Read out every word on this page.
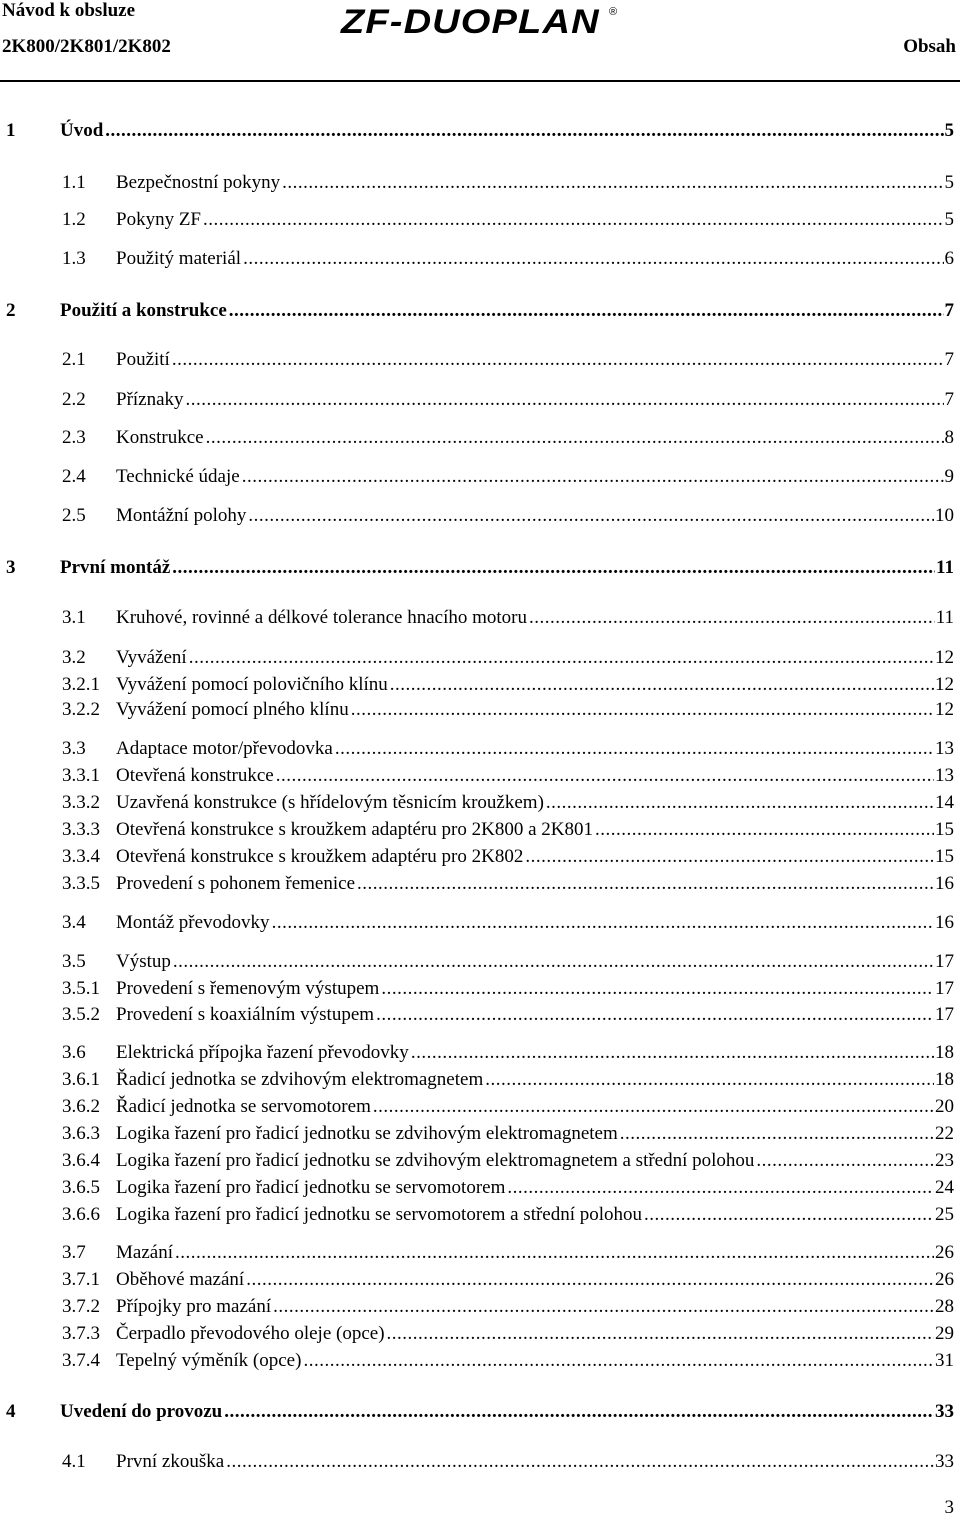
Návod k obsluze
2K800/2K801/2K802
ZF-DUOPLAN ®
Obsah
1 Úvod .....	5
1.1 Bezpečnostní pokyny .....	5
1.2 Pokyny ZF .....	5
1.3 Použitý materiál .....	6
2 Použití a konstrukce .....	7
2.1 Použití .....	7
2.2 Příznaky .....	7
2.3 Konstrukce .....	8
2.4 Technické údaje .....	9
2.5 Montážní polohy .....	10
3 První montáž .....	11
3.1 Kruhové, rovinné a délkové tolerance hnacího motoru .....	11
3.2 Vyvážení .....	12
3.2.1 Vyvážení pomocí polovičního klínu .....	12
3.2.2 Vyvážení pomocí plného klínu .....	12
3.3 Adaptace motor/převodovka .....	13
3.3.1 Otevřená konstrukce .....	13
3.3.2 Uzavřená konstrukce (s hřídelovým těsnicím kroužkem) .....	14
3.3.3 Otevřená konstrukce s kroužkem adaptéru pro 2K800 a 2K801 .....	15
3.3.4 Otevřená konstrukce s kroužkem adaptéru pro 2K802 .....	15
3.3.5 Provedení s pohonem řemenice .....	16
3.4 Montáž převodovky .....	16
3.5 Výstup .....	17
3.5.1 Provedení s řemenovým výstupem .....	17
3.5.2 Provedení s koaxiálním výstupem .....	17
3.6 Elektrická přípojka řazení převodovky .....	18
3.6.1 Řadicí jednotka se zdvihovým elektromagnetem .....	18
3.6.2 Řadicí jednotka se servomotorem .....	20
3.6.3 Logika řazení pro řadicí jednotku se zdvihovým elektromagnetem .....	22
3.6.4 Logika řazení pro řadicí jednotku se zdvihovým elektromagnetem a střední polohou .....	23
3.6.5 Logika řazení pro řadicí jednotku se servomotorem .....	24
3.6.6 Logika řazení pro řadicí jednotku se servomotorem a střední polohou .....	25
3.7 Mazání .....	26
3.7.1 Oběhové mazání .....	26
3.7.2 Přípojky pro mazání .....	28
3.7.3 Čerpadlo převodového oleje (opce) .....	29
3.7.4 Tepelný výměník (opce) .....	31
4 Uvedení do provozu .....	33
4.1 První zkouška .....	33
3
